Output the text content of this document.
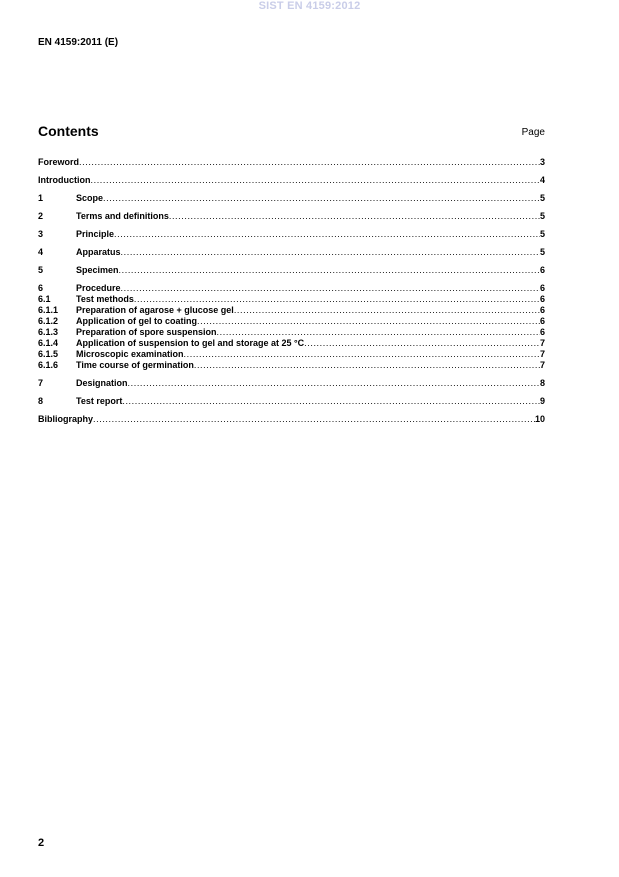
SIST EN 4159:2012
EN 4159:2011 (E)
Contents	Page
Foreword .....	3
Introduction .....	4
1	Scope .....	5
2	Terms and definitions .....	5
3	Principle .....	5
4	Apparatus .....	5
5	Specimen .....	6
6	Procedure .....	6
6.1	Test methods .....	6
6.1.1	Preparation of agarose + glucose gel .....	6
6.1.2	Application of gel to coating .....	6
6.1.3	Preparation of spore suspension .....	6
6.1.4	Application of suspension to gel and storage at 25 °C .....	7
6.1.5	Microscopic examination .....	7
6.1.6	Time course of germination .....	7
7	Designation .....	8
8	Test report .....	9
Bibliography .....	10
2
